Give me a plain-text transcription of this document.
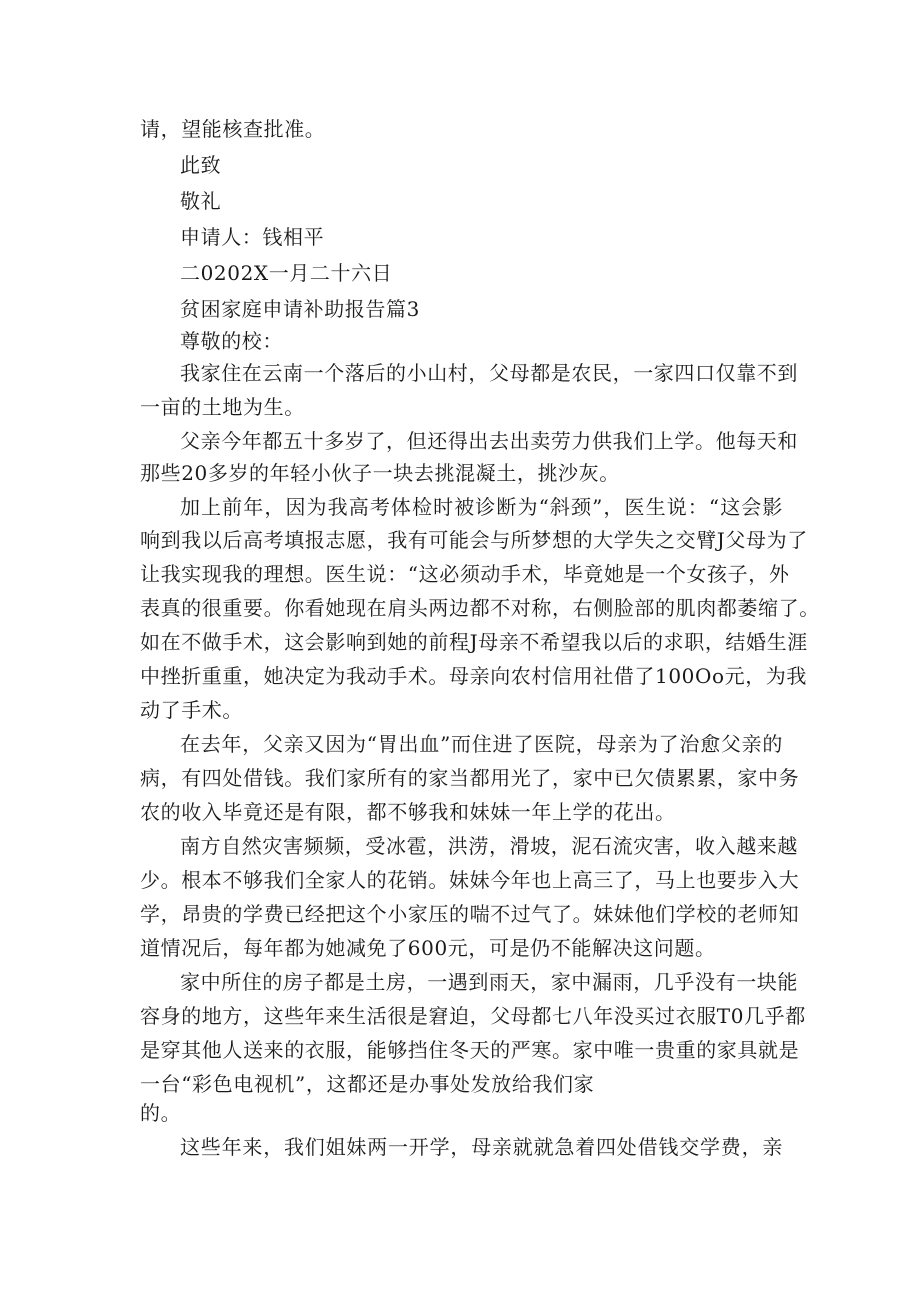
请，望能核查批准。
此致
敬礼
申请人：钱相平
二0202X一月二十六日
贫困家庭申请补助报告篇3
尊敬的校：
我家住在云南一个落后的小山村，父母都是农民，一家四口仅靠不到
一亩的土地为生。
父亲今年都五十多岁了，但还得出去出卖劳力供我们上学。他每天和
那些20多岁的年轻小伙子一块去挑混凝土，挑沙灰。
加上前年，因为我高考体检时被诊断为“斜颈”，医生说：“这会影
响到我以后高考填报志愿，我有可能会与所梦想的大学失之交臂J父母为了
让我实现我的理想。医生说：“这必须动手术，毕竟她是一个女孩子，外
表真的很重要。你看她现在肩头两边都不对称，右侧脸部的肌肉都萎缩了。
如在不做手术，这会影响到她的前程J母亲不希望我以后的求职，结婚生涯
中挫折重重，她决定为我动手术。母亲向农村信用社借了100Oo元，为我
动了手术。
在去年，父亲又因为“胃出血”而住进了医院，母亲为了治愈父亲的
病，有四处借钱。我们家所有的家当都用光了，家中已欠债累累，家中务
农的收入毕竟还是有限，都不够我和妹妹一年上学的花出。
南方自然灾害频频，受冰雹，洪涝，滑坡，泥石流灾害，收入越来越
少。根本不够我们全家人的花销。妹妹今年也上高三了，马上也要步入大
学，昂贵的学费已经把这个小家压的喘不过气了。妹妹他们学校的老师知
道情况后，每年都为她减免了600元，可是仍不能解决这问题。
家中所住的房子都是土房，一遇到雨天，家中漏雨，几乎没有一块能
容身的地方，这些年来生活很是窘迫，父母都七八年没买过衣服T0几乎都
是穿其他人送来的衣服，能够挡住冬天的严寒。家中唯一贵重的家具就是
一台“彩色电视机”，这都还是办事处发放给我们家
的。
这些年来，我们姐妹两一开学，母亲就就急着四处借钱交学费，亲
